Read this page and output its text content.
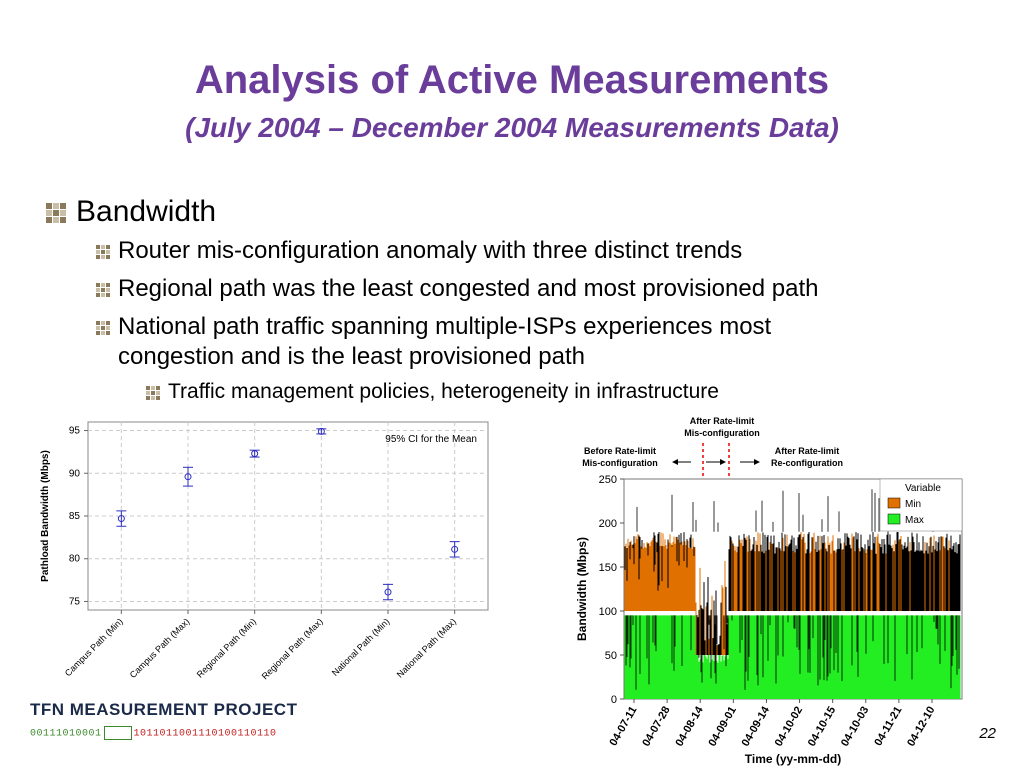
Analysis of Active Measurements
(July 2004 – December 2004 Measurements Data)
Bandwidth
Router mis-configuration anomaly with three distinct trends
Regional path was the least congested and most provisioned path
National path traffic spanning multiple-ISPs experiences most
congestion and is the least provisioned path
Traffic management policies, heterogeneity in infrastructure
75
80
85
90
95
Campus Path (Min) Campus Path (Max) Regional Path (Min) Regional Path (Max) National Path (Min) National Path (Max)
Pathload Bandwidth (Mbps)
95% CI for the Mean
After Rate-limit
Mis-configuration
Before Rate-limit
Mis-configuration
After Rate-limit
Re-configuration
0
50
100
150
200
250
04-07-11 04-07-28 04-08-14 04-09-01 04-09-14 04-10-02 04-10-15 04-10-03 04-11-21 04-12-10
Variable
Min
Max
Bandwidth (Mbps)
Time (yy-mm-dd)
TFN MEASUREMENT PROJECT
00111010001	1011011001110100110110	22
